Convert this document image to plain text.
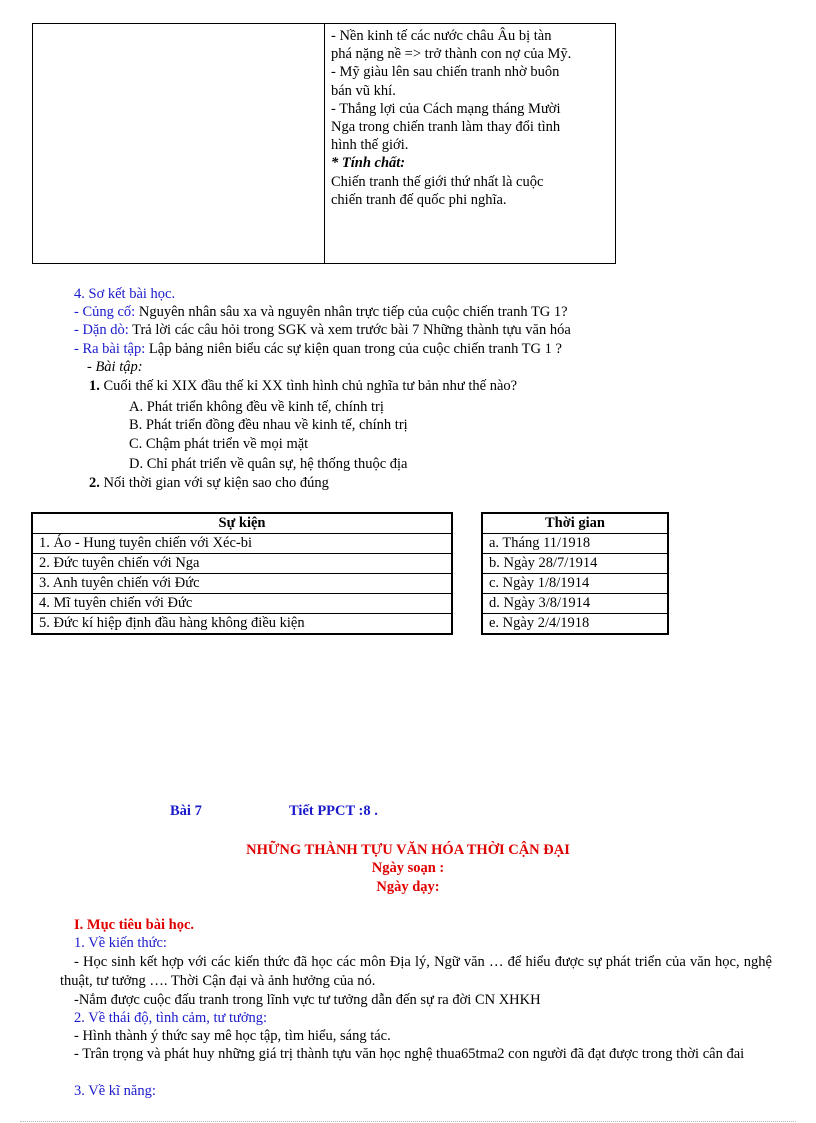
- Nền kinh tế các nước châu Âu bị tàn
phá nặng nề => trở thành con nợ của Mỹ.
- Mỹ giàu lên sau chiến tranh nhờ buôn
bán vũ khí.
- Thắng lợi của Cách mạng tháng Mười
Nga trong chiến tranh làm thay đổi tình
hình thế giới.
* Tính chất:
Chiến tranh thế giới thứ nhất là cuộc
chiến tranh đế quốc phi nghĩa.
4. Sơ kết bài học.
- Củng cố: Nguyên nhân sâu xa và nguyên nhân trực tiếp của cuộc chiến tranh TG 1?
- Dặn dò: Trả lời các câu hỏi trong SGK và xem trước bài 7 Những thành tựu văn hóa
- Ra bài tập: Lập bảng niên biểu các sự kiện quan trong của cuộc chiến tranh TG 1 ?
- Bài tập:
1. Cuối thế kỉ XIX đầu thế kỉ XX tình hình chủ nghĩa tư bản như thế nào?
A. Phát triển không đều về kinh tế, chính trị
B. Phát triển đồng đều nhau về kinh tế, chính trị
C. Chậm phát triển về mọi mặt
D. Chỉ phát triển về quân sự, hệ thống thuộc địa
2. Nối thời gian với sự kiện sao cho đúng
Sự kiện
1. Áo - Hung tuyên chiến với Xéc-bi
2. Đức tuyên chiến với Nga
3. Anh tuyên chiến với Đức
4. Mĩ tuyên chiến với Đức
5. Đức kí hiệp định đầu hàng không điều kiện
Thời gian
a. Tháng 11/1918
b. Ngày 28/7/1914
c. Ngày 1/8/1914
d. Ngày 3/8/1914
e. Ngày 2/4/1918
Bài 7	Tiết PPCT :8 .
NHỮNG THÀNH TỰU VĂN HÓA THỜI CẬN ĐẠI
Ngày soạn :
Ngày dạy:
I. Mục tiêu bài học.
1. Về kiến thức:
- Học sinh kết hợp với các kiến thức đã học các môn Địa lý, Ngữ văn … để hiểu được sự phát triển của văn học, nghệ thuật, tư tưởng …. Thời Cận đại và ảnh hưởng của nó.
-Nắm được cuộc đấu tranh trong lĩnh vực tư tưởng dẫn đến sự ra đời CN XHKH
2. Về thái độ, tình cảm, tư tưởng:
- Hình thành ý thức say mê học tập, tìm hiểu, sáng tác.
- Trân trọng và phát huy những giá trị thành tựu văn học nghệ thua65tma2 con người đã đạt được trong thời cân đai
3. Về kĩ năng:
